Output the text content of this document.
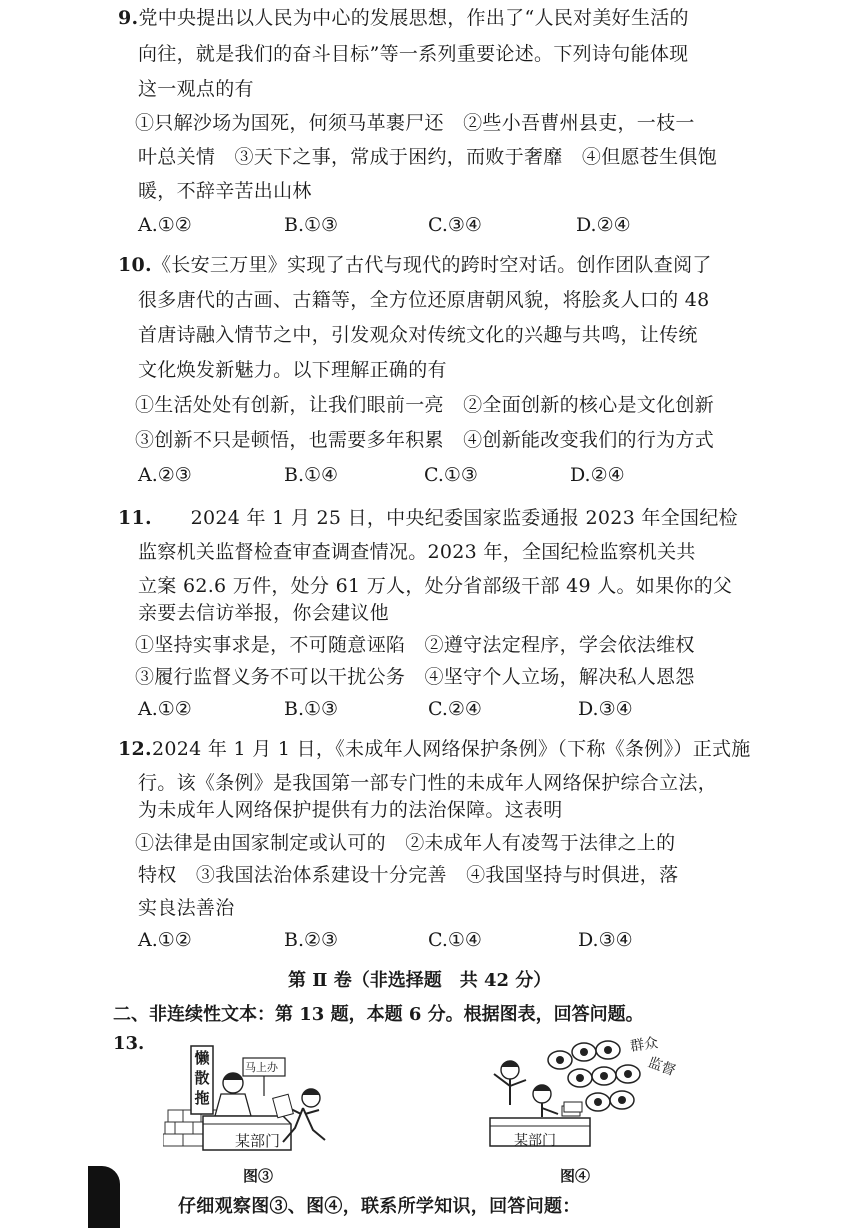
9.党中央提出以人民为中心的发展思想，作出了“人民对美好生活的
向往，就是我们的奋斗目标”等一系列重要论述。下列诗句能体现
这一观点的有
①只解沙场为国死，何须马革裹尸还　②些小吾曹州县吏，一枝一
叶总关情　③天下之事，常成于困约，而败于奢靡　④但愿苍生俱饱
暖，不辞辛苦出山林
A.①②	B.①③	C.③④	D.②④
10.《长安三万里》实现了古代与现代的跨时空对话。创作团队查阅了
很多唐代的古画、古籍等，全方位还原唐朝风貌，将脍炙人口的 48
首唐诗融入情节之中，引发观众对传统文化的兴趣与共鸣，让传统
文化焕发新魅力。以下理解正确的有
①生活处处有创新，让我们眼前一亮　②全面创新的核心是文化创新
③创新不只是顿悟，也需要多年积累　④创新能改变我们的行为方式
A.②③	B.①④	C.①③	D.②④
11.　　2024 年 1 月 25 日，中央纪委国家监委通报 2023 年全国纪检
监察机关监督检查审查调查情况。2023 年，全国纪检监察机关共
立案 62.6 万件，处分 61 万人，处分省部级干部 49 人。如果你的父
亲要去信访举报，你会建议他
①坚持实事求是，不可随意诬陷　②遵守法定程序，学会依法维权
③履行监督义务不可以干扰公务　④坚守个人立场，解决私人恩怨
A.①②	B.①③	C.②④	D.③④
12.2024 年 1 月 1 日，《未成年人网络保护条例》（下称《条例》）正式施
行。该《条例》是我国第一部专门性的未成年人网络保护综合立法，
为未成年人网络保护提供有力的法治保障。这表明
①法律是由国家制定或认可的　②未成年人有凌驾于法律之上的
特权　③我国法治体系建设十分完善　④我国坚持与时俱进，落
实良法善治
A.①②	B.②③	C.①④	D.③④
第 Ⅱ 卷（非选择题　共 42 分）
二、非连续性文本：第 13 题，本题 6 分。根据图表，回答问题。
13.
懒
散
拖
马上办
某部门
图③
群众
监督
某部门
图④
仔细观察图③、图④，联系所学知识，回答问题：
